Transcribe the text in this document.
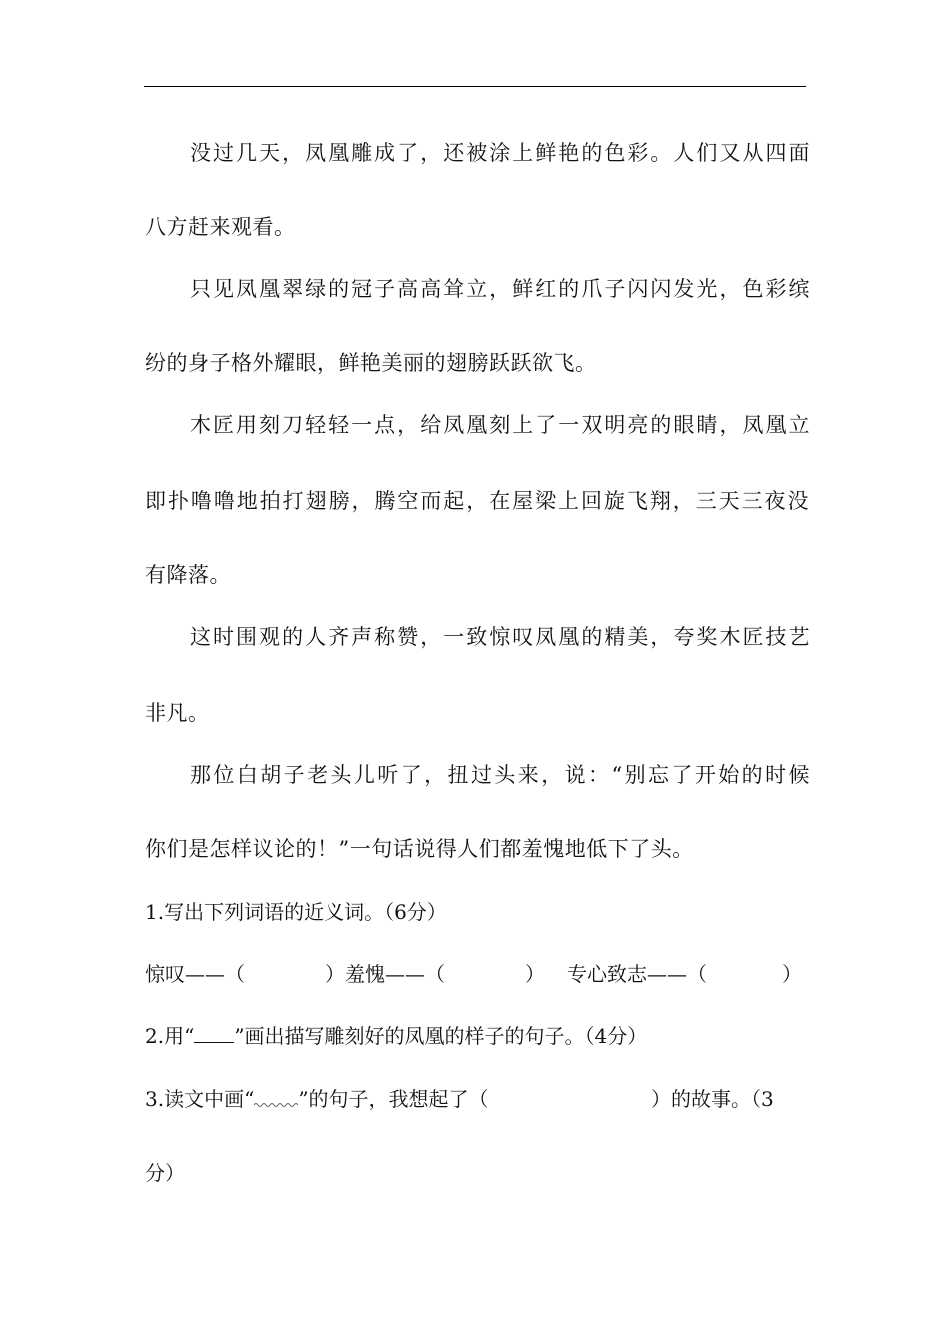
没过几天，凤凰雕成了，还被涂上鲜艳的色彩。人们又从四面
八方赶来观看。
只见凤凰翠绿的冠子高高耸立，鲜红的爪子闪闪发光，色彩缤
纷的身子格外耀眼，鲜艳美丽的翅膀跃跃欲飞。
木匠用刻刀轻轻一点，给凤凰刻上了一双明亮的眼睛，凤凰立
即扑噜噜地拍打翅膀，腾空而起，在屋梁上回旋飞翔，三天三夜没
有降落。
这时围观的人齐声称赞，一致惊叹凤凰的精美，夸奖木匠技艺
非凡。
那位白胡子老头儿听了，扭过头来，说：“别忘了开始的时候
你们是怎样议论的！”一句话说得人们都羞愧地低下了头。
1.写出下列词语的近义词。（6分）
惊叹——（	）羞愧——（	） 专心致志——（	）
2.用“ ”画出描写雕刻好的凤凰的样子的句子。（4分）
3.读文中画“ ”的句子，我想起了（	）的故事。（3
分）
